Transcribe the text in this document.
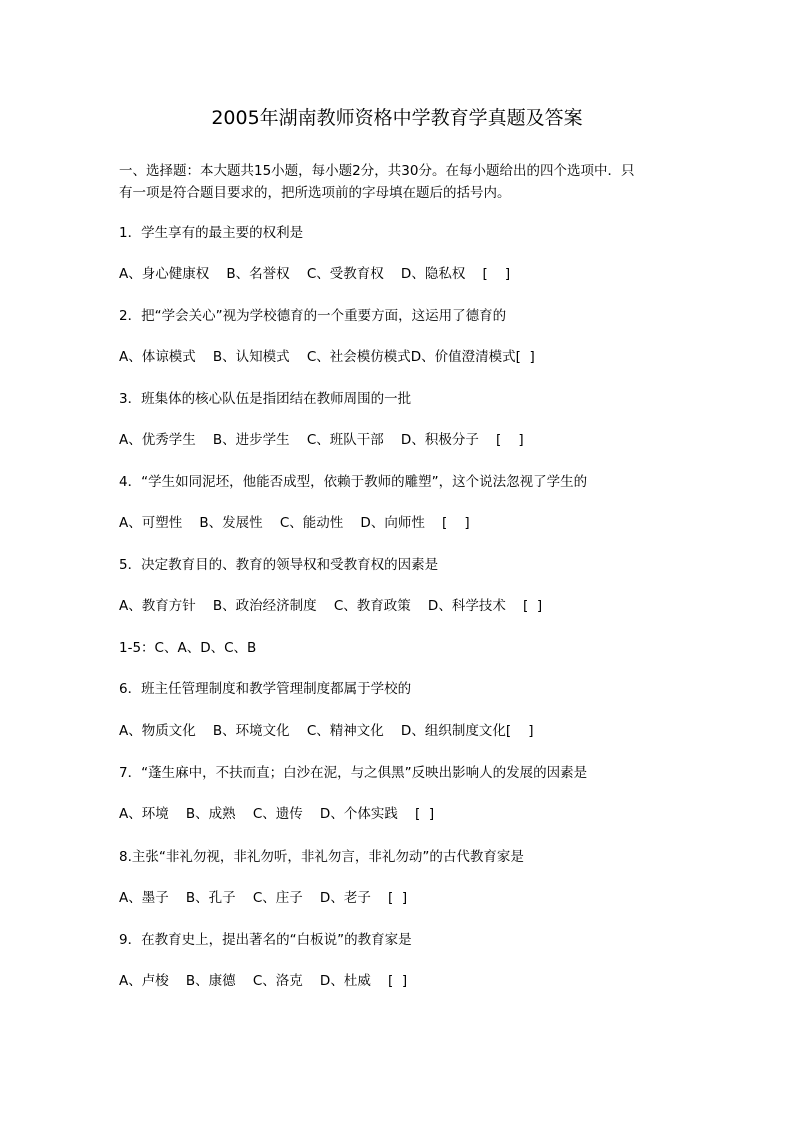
2005年湖南教师资格中学教育学真题及答案
一、选择题：本大题共15小题，每小题2分，共30分。在每小题给出的四个选项中．只
有一项是符合题目要求的，把所选项前的字母填在题后的括号内。
1．学生享有的最主要的权利是
A、身心健康权    B、名誉权    C、受教育权    D、隐私权    [    ]
2．把“学会关心”视为学校德育的一个重要方面，这运用了德育的
A、体谅模式    B、认知模式    C、社会模仿模式D、价值澄清模式[  ]
3．班集体的核心队伍是指团结在教师周围的一批
A、优秀学生    B、进步学生    C、班队干部    D、积极分子    [    ]
4．“学生如同泥坯，他能否成型，依赖于教师的雕塑”，这个说法忽视了学生的
A、可塑性    B、发展性    C、能动性    D、向师性    [    ]
5．决定教育目的、教育的领导权和受教育权的因素是
A、教育方针    B、政治经济制度    C、教育政策    D、科学技术    [  ]
1-5：C、A、D、C、B
6．班主任管理制度和教学管理制度都属于学校的
A、物质文化    B、环境文化    C、精神文化    D、组织制度文化[    ]
7．“蓬生麻中，不扶而直；白沙在泥，与之俱黑”反映出影响人的发展的因素是
A、环境    B、成熟    C、遗传    D、个体实践    [  ]
8.主张“非礼勿视，非礼勿听，非礼勿言，非礼勿动”的古代教育家是
A、墨子    B、孔子    C、庄子    D、老子    [  ]
9．在教育史上，提出著名的“白板说”的教育家是
A、卢梭    B、康德    C、洛克    D、杜威    [  ]
